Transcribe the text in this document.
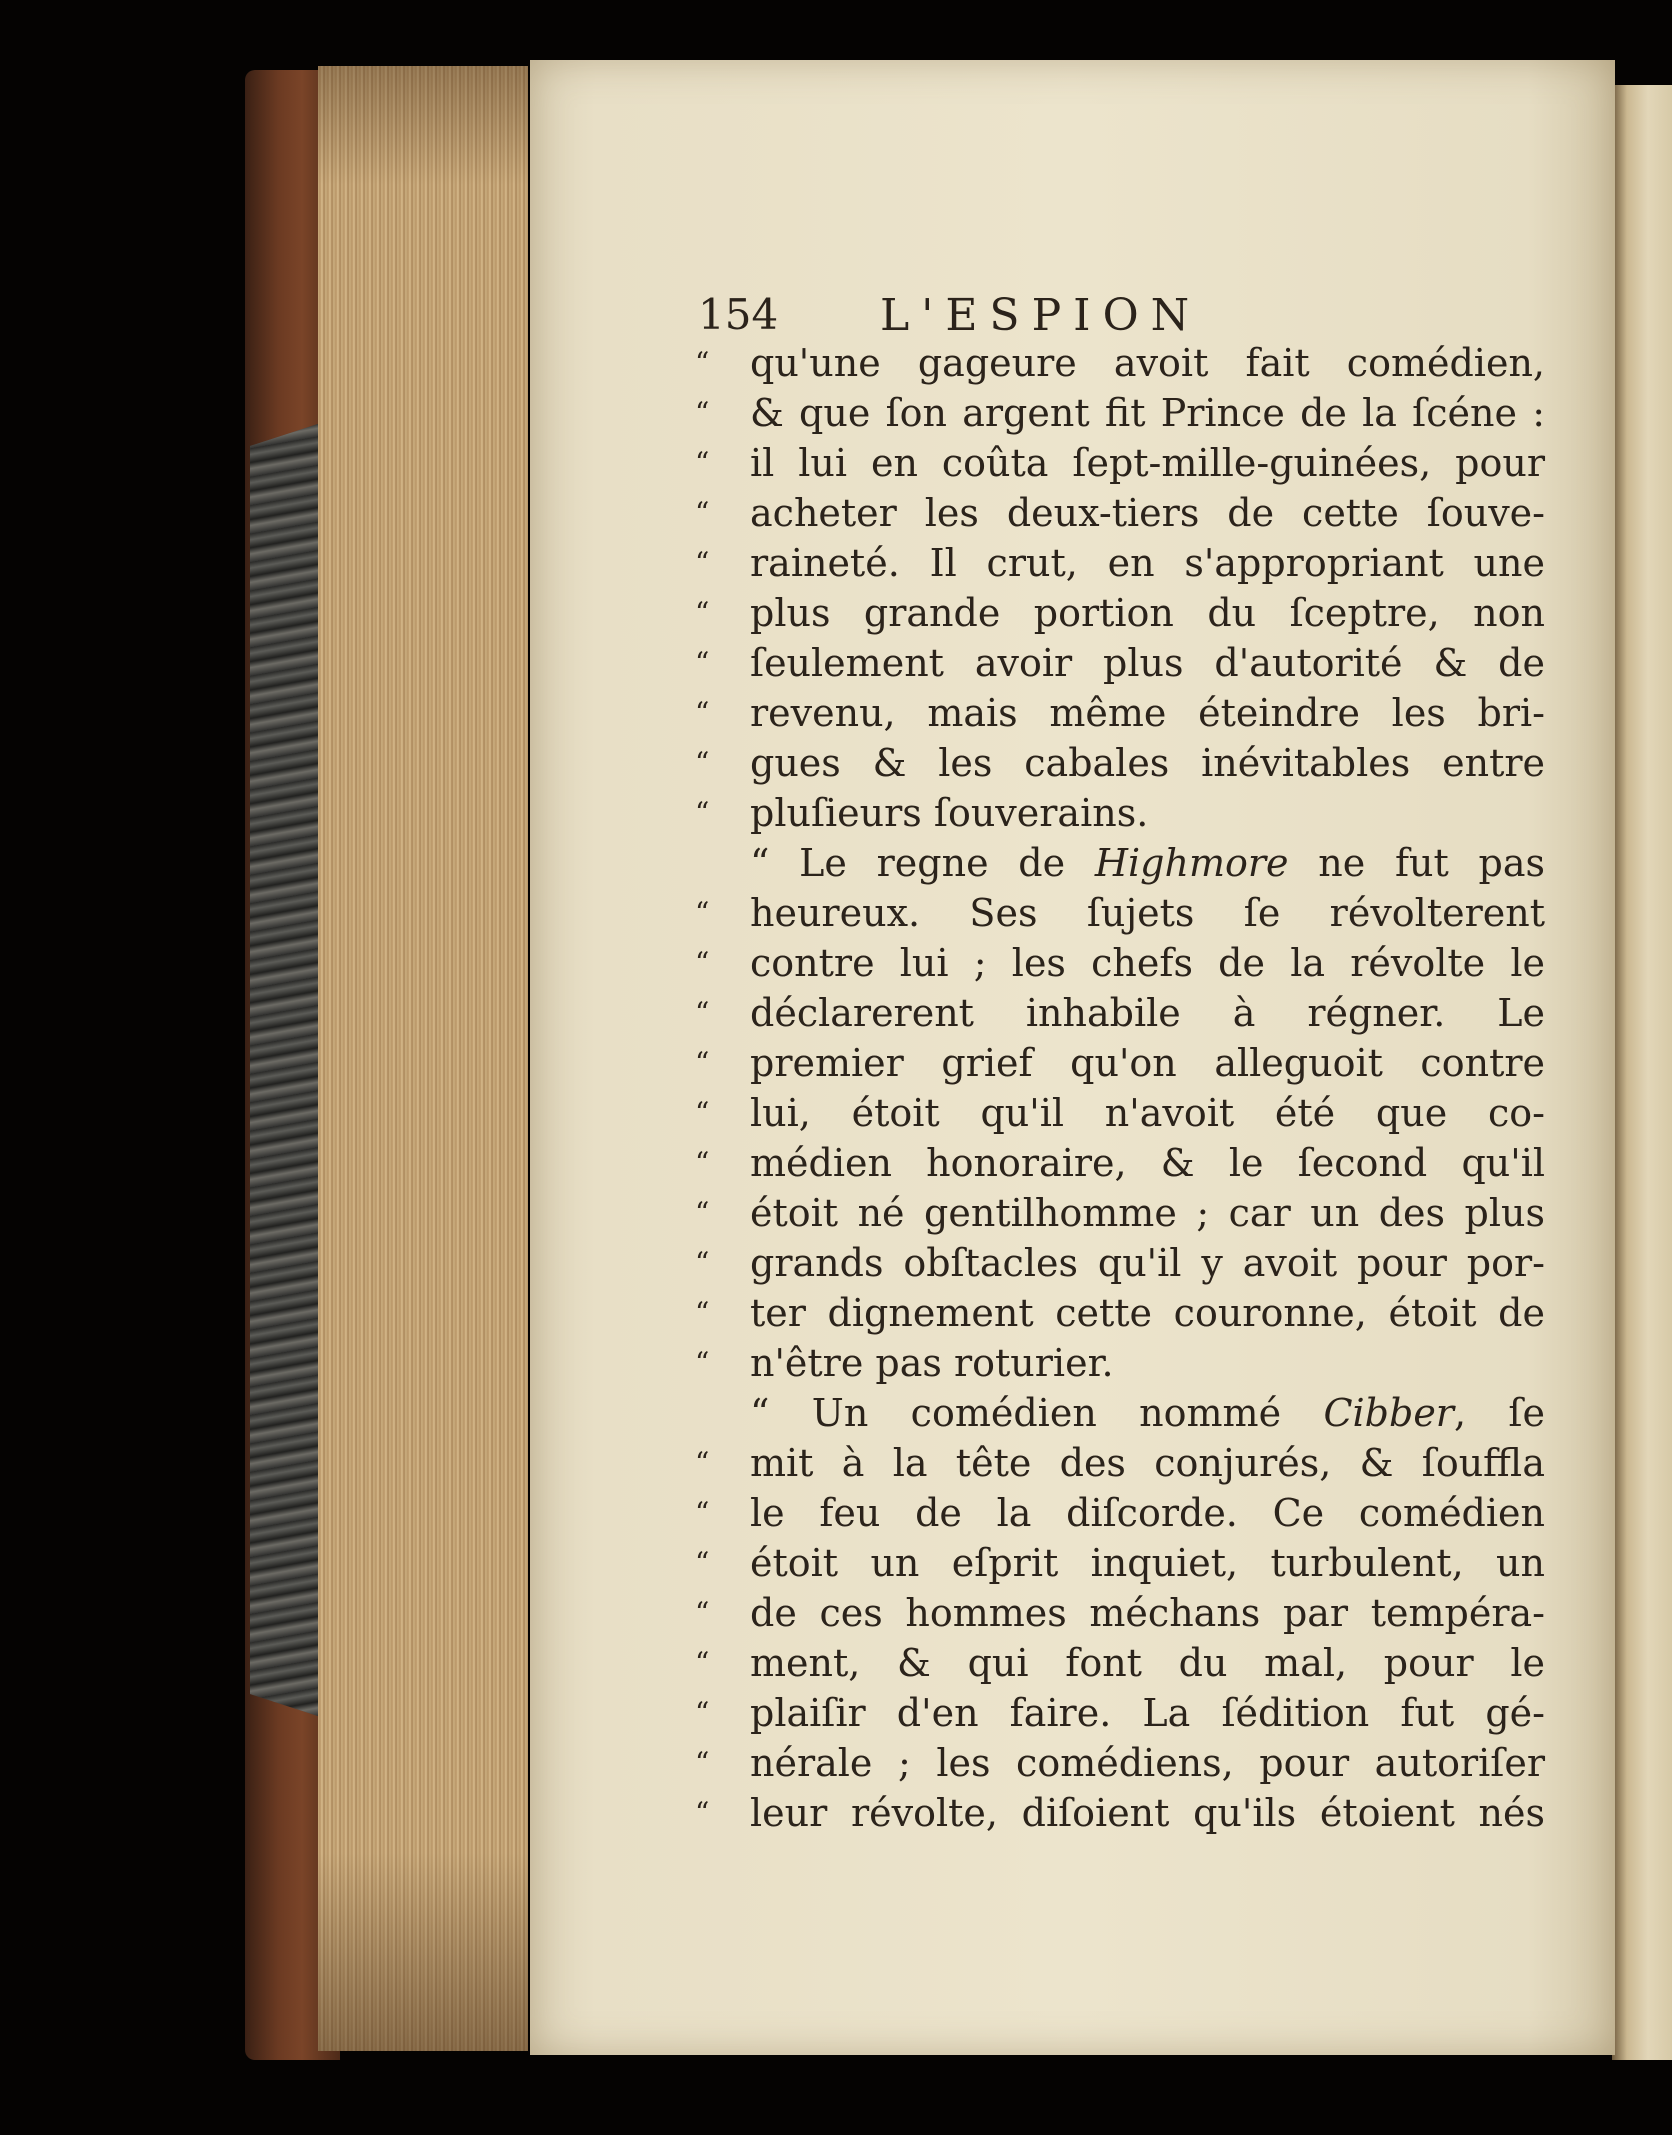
154 L'ESPION
“	qu'une gageure avoit fait comédien,
“	& que ſon argent fit Prince de la ſcéne :
“	il lui en coûta ſept-mille-guinées, pour
“	acheter les deux-tiers de cette ſouve-
“	raineté. Il crut, en s'appropriant une
“	plus grande portion du ſceptre, non
“	ſeulement avoir plus d'autorité & de
“	revenu, mais même éteindre les bri-
“	gues & les cabales inévitables entre
“	pluſieurs ſouverains.
“ Le regne de Highmore ne fut pas
“	heureux. Ses ſujets ſe révolterent
“	contre lui ; les chefs de la révolte le
“	déclarerent inhabile à régner. Le
“	premier grief qu'on alleguoit contre
“	lui, étoit qu'il n'avoit été que co-
“	médien honoraire, & le ſecond qu'il
“	étoit né gentilhomme ; car un des plus
“	grands obſtacles qu'il y avoit pour por-
“	ter dignement cette couronne, étoit de
“	n'être pas roturier.
“ Un comédien nommé Cibber, ſe
“	mit à la tête des conjurés, & ſouffla
“	le feu de la diſcorde. Ce comédien
“	étoit un eſprit inquiet, turbulent, un
“	de ces hommes méchans par tempéra-
“	ment, & qui font du mal, pour le
“	plaiſir d'en faire. La ſédition fut gé-
“	nérale ; les comédiens, pour autoriſer
“	leur révolte, diſoient qu'ils étoient nés
